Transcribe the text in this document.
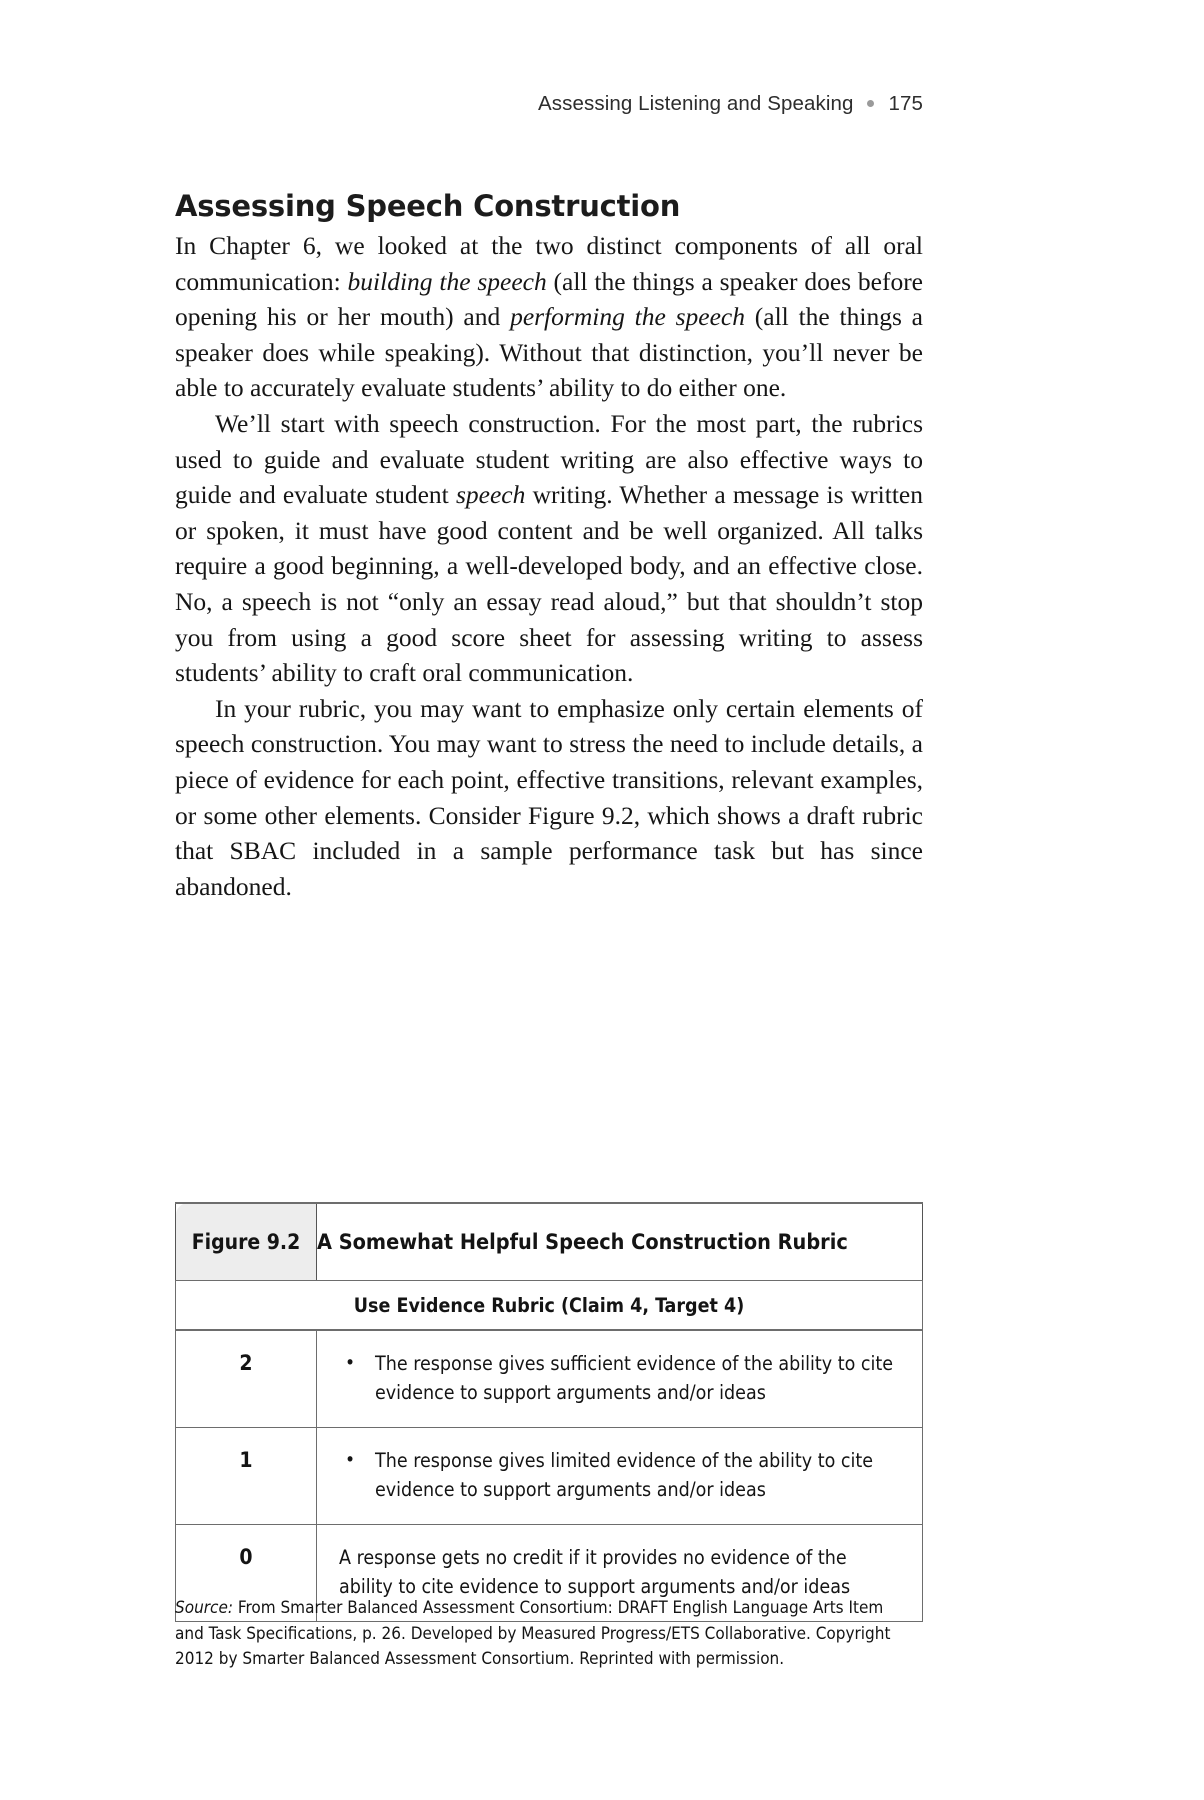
Assessing Listening and Speaking 175
Assessing Speech Construction

In Chapter 6, we looked at the two distinct components of all oral communication: building the speech (all the things a speaker does before opening his or her mouth) and performing the speech (all the things a speaker does while speaking). Without that distinction, you’ll never be able to accurately evaluate students’ ability to do either one.

We’ll start with speech construction. For the most part, the rubrics used to guide and evaluate student writing are also effective ways to guide and evaluate student speech writing. Whether a message is written or spoken, it must have good content and be well organized. All talks require a good beginning, a well-developed body, and an effective close. No, a speech is not “only an essay read aloud,” but that shouldn’t stop you from using a good score sheet for assessing writing to assess students’ ability to craft oral communication.

In your rubric, you may want to emphasize only certain elements of speech construction. You may want to stress the need to include details, a piece of evidence for each point, effective transitions, relevant examples, or some other elements. Consider Figure 9.2, which shows a draft rubric that SBAC included in a sample performance task but has since abandoned.

Figure 9.2	A Somewhat Helpful Speech Construction Rubric
Use Evidence Rubric (Claim 4, Target 4)	
2	• The response gives sufficient evidence of the ability to cite evidence to support arguments and/or ideas

1	• The response gives limited evidence of the ability to cite evidence to support arguments and/or ideas

0	A response gets no credit if it provides no evidence of the ability to cite evidence to support arguments and/or ideas
Source: From Smarter Balanced Assessment Consortium: DRAFT English Language Arts Item and Task Specifications, p. 26. Developed by Measured Progress/ETS Collaborative. Copyright 2012 by Smarter Balanced Assessment Consortium. Reprinted with permission.
